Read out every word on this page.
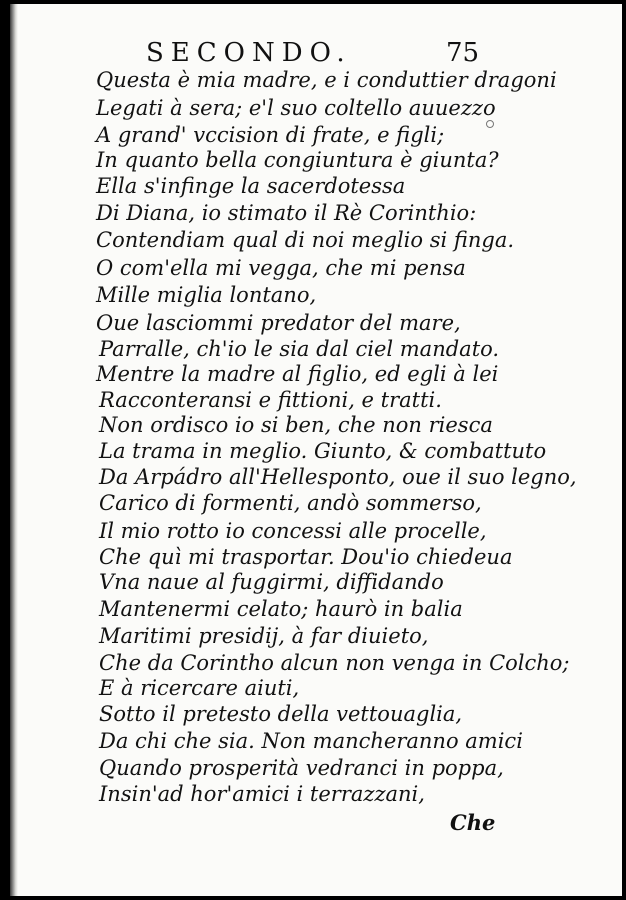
SECONDO.	75
Questa è mia madre, e i conduttier dragoni
Legati à sera; e'l suo coltello auuezzo
A grand' vccision di frate, e figli;
In quanto bella congiuntura è giunta?
Ella s'infinge la sacerdotessa
Di Diana, io stimato il Rè Corinthio:
Contendiam qual di noi meglio si finga.
O com'ella mi vegga, che mi pensa
Mille miglia lontano,
Oue lasciommi predator del mare,
Parralle, ch'io le sia dal ciel mandato.
Mentre la madre al figlio, ed egli à lei
Racconteransi e fittioni, e tratti.
Non ordisco io si ben, che non riesca
La trama in meglio. Giunto, & combattuto
Da Arpádro all'Hellesponto, oue il suo legno,
Carico di formenti, andò sommerso,
Il mio rotto io concessi alle procelle,
Che quì mi trasportar. Dou'io chiedeua
Vna naue al fuggirmi, diffidando
Mantenermi celato; haurò in balia
Maritimi presidij, à far diuieto,
Che da Corintho alcun non venga in Colcho;
E à ricercare aiuti,
Sotto il pretesto della vettouaglia,
Da chi che sia. Non mancheranno amici
Quando prosperità vedranci in poppa,
Insin'ad hor'amici i terrazzani,
Che
